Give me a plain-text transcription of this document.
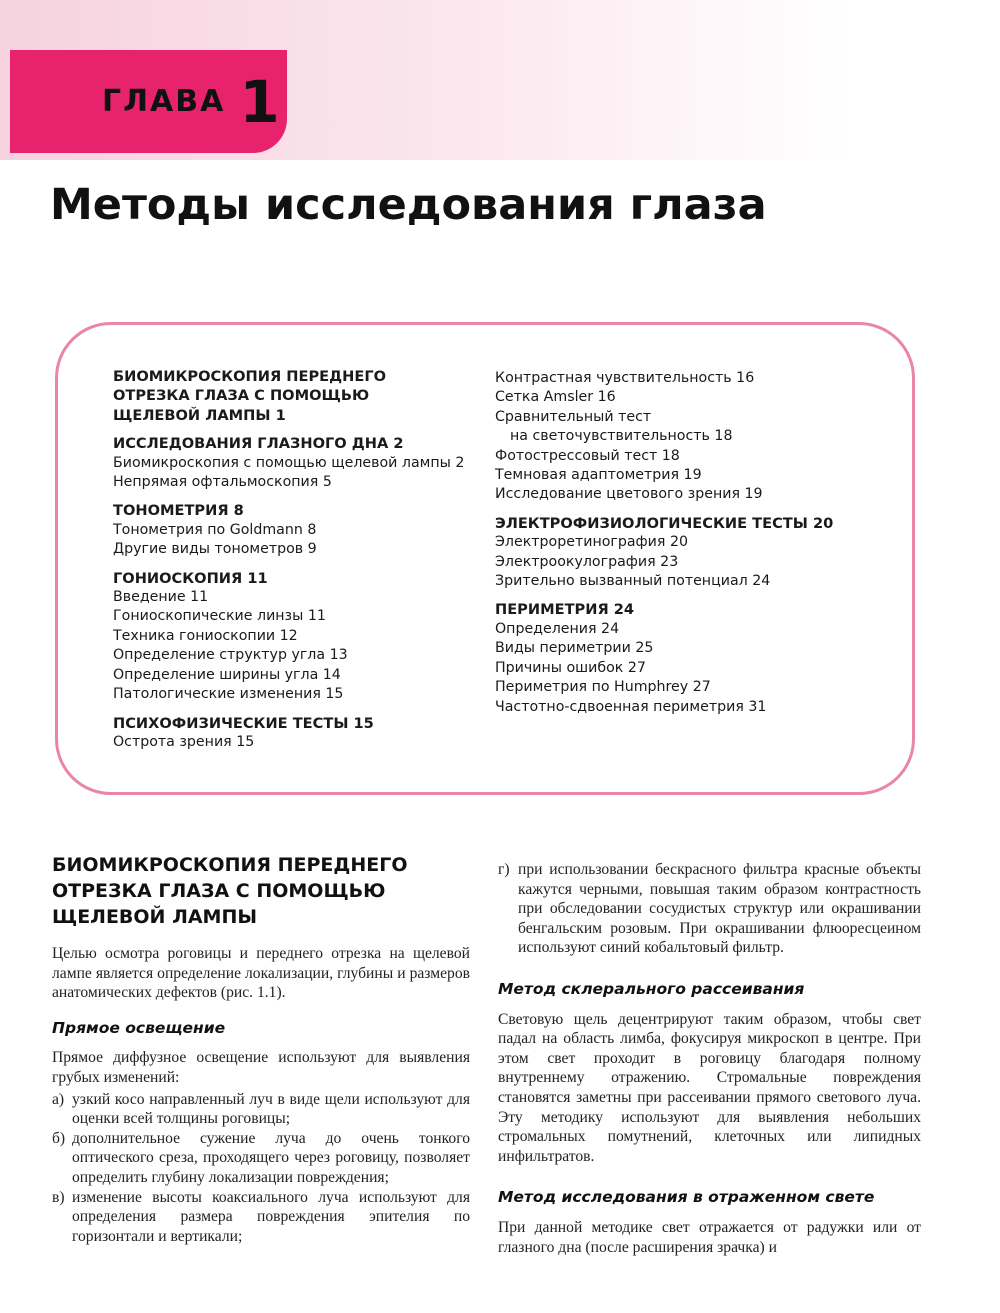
ГЛАВА 1
Методы исследования глаза
БИОМИКРОСКОПИЯ ПЕРЕДНЕГО
ОТРЕЗКА ГЛАЗА С ПОМОЩЬЮ
ЩЕЛЕВОЙ ЛАМПЫ 1
ИССЛЕДОВАНИЯ ГЛАЗНОГО ДНА 2
Биомикроскопия с помощью щелевой лампы 2
Непрямая офтальмоскопия 5
ТОНОМЕТРИЯ 8
Тонометрия по Goldmann 8
Другие виды тонометров 9
ГОНИОСКОПИЯ 11
Введение 11
Гониоскопические линзы 11
Техника гониоскопии 12
Определение структур угла 13
Определение ширины угла 14
Патологические изменения 15
ПСИХОФИЗИЧЕСКИЕ ТЕСТЫ 15
Острота зрения 15
Контрастная чувствительность 16
Сетка Amsler 16
Сравнительный тест
на светочувствительность 18
Фотострессовый тест 18
Темновая адаптометрия 19
Исследование цветового зрения 19
ЭЛЕКТРОФИЗИОЛОГИЧЕСКИЕ ТЕСТЫ 20
Электроретинография 20
Электроокулография 23
Зрительно вызванный потенциал 24
ПЕРИМЕТРИЯ 24
Определения 24
Виды периметрии 25
Причины ошибок 27
Периметрия по Humphrey 27
Частотно-сдвоенная периметрия 31
БИОМИКРОСКОПИЯ ПЕРЕДНЕГО
ОТРЕЗКА ГЛАЗА С ПОМОЩЬЮ
ЩЕЛЕВОЙ ЛАМПЫ

Целью осмотра роговицы и переднего отрезка на щелевой лампе является определение локализации, глубины и размеров анатомических дефектов (рис. 1.1).

Прямое освещение

Прямое диффузное освещение используют для выявления грубых изменений:

а) узкий косо направленный луч в виде щели используют для оценки всей толщины роговицы;
б) дополнительное сужение луча до очень тонкого оптического среза, проходящего через роговицу, позволяет определить глубину локализации повреждения;
в) изменение высоты коаксиального луча используют для определения размера повреждения эпителия по горизонтали и вертикали;
г) при использовании бескрасного фильтра красные объекты кажутся черными, повышая таким образом контрастность при обследовании сосудистых структур или окрашивании бенгальским розовым. При окрашивании флюоресцеином используют синий кобальтовый фильтр.
Метод склерального рассеивания

Световую щель децентрируют таким образом, чтобы свет падал на область лимба, фокусируя микроскоп в центре. При этом свет проходит в роговицу благодаря полному внутреннему отражению. Стромальные повреждения становятся заметны при рассеивании прямого светового луча. Эту методику используют для выявления небольших стромальных помутнений, клеточных или липидных инфильтратов.

Метод исследования в отраженном свете

При данной методике свет отражается от радужки или от глазного дна (после расширения зрачка) и
